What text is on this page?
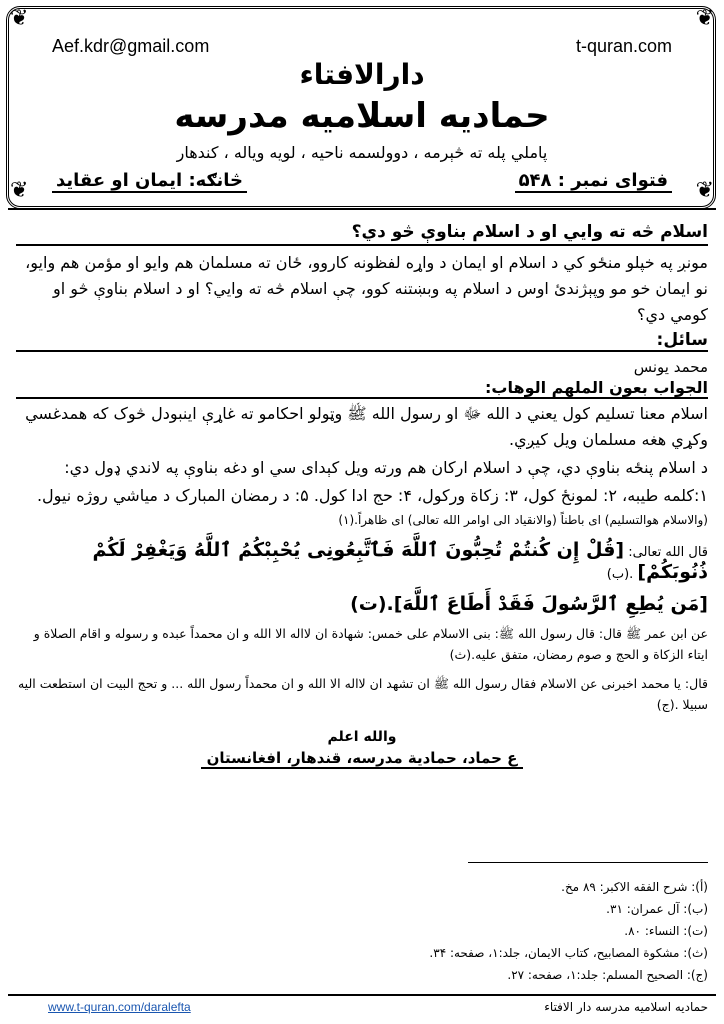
❦	❦
❦	❦
Aef.kdr@gmail.com	t-quran.com
دارالافتاء
حمادیه اسلامیه مدرسه
پاملي پله ته څېرمه ، دوولسمه ناحيه ، لويه وياله ، کندهار
فتوای نمبر : ۵۴۸
څانګه: ايمان او عقايد
اسلام څه ته وايي او د اسلام بناوې څو دي؟
مونږ په خپلو منځو کي د اسلام او ايمان د واړه لفظونه کاروو، ځان ته مسلمان هم وايو او مؤمن هم وايو، نو ايمان خو مو وپېژندئ اوس د اسلام په وبښتنه کوو، چې اسلام څه ته وايي؟ او د اسلام بناوې څو او کومي دي؟
سائل:
محمد يونس
الجواب بعون الملهم الوهاب:
اسلام معنا تسليم کول يعني د الله ﷻ او رسول الله ﷺ وټولو احکامو ته غاړې اينبودل څوک که همدغسي وکړي هغه مسلمان ويل کيږي.
د اسلام پنځه بناوې دي، چې د اسلام ارکان هم ورته ويل کېدای سي او دغه بناوې په لاندي ډول دي:
۱:کلمه طيبه، ۲: لمونځ کول، ۳: زکاة ورکول، ۴: حج ادا کول. ۵: د رمضان المبارک د مياشي روژه نيول.
(والاسلام هوالتسليم) اى باطناً (والانقياد الى اوامر الله تعالى) اى ظاهراً.(۱)
قال الله تعالى: [قُلْ إِن كُنتُمْ تُحِبُّونَ ٱللَّهَ فَٱتَّبِعُونِى يُحْبِبْكُمُ ٱللَّهُ وَيَغْفِرْ لَكُمْ ذُنُوبَكُمْ] .(ب)
[مَن يُطِعِ ٱلرَّسُولَ فَقَدْ أَطَاعَ ٱللَّهَ].(ت)
عن ابن عمر ﷺ قال: قال رسول الله ﷺ: بنى الاسلام على خمس: شهادة ان لااله الا الله و ان محمداً عبده و رسوله و اقام الصلاة و ايتاء الزكاة و الحج و صوم رمضان، متفق عليه.(ث)
قال: يا محمد اخبرنى عن الاسلام فقال رسول الله ﷺ ان تشهد ان لااله الا الله و ان محمداً رسول الله ... و تحج البيت ان استطعت اليه سبيلا .(ج)
والله اعلم
ع حماد، حمادية مدرسه، قندهار، افغانستان
(أ): شرح الفقه الاكبر: ۸۹ مخ.
(ب): آل عمران: ۳۱.
(ت): النساء: ۸۰.
(ث): مشكوة المصابيح، كتاب الايمان، جلد:۱، صفحه: ۳۴.
(ج): الصحيح المسلم: جلد:۱، صفحه: ۲۷.
www.t-quran.com/daralefta	حماديه اسلاميه مدرسه دار الافتاء
